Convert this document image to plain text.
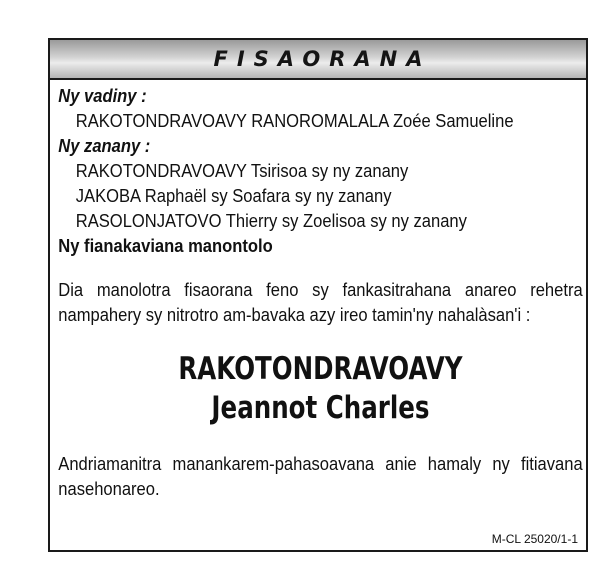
FISAORANA
Ny vadiny :
RAKOTONDRAVOAVY RANOROMALALA Zoée Samueline
Ny zanany :
RAKOTONDRAVOAVY Tsirisoa sy ny zanany
JAKOBA Raphaël sy Soafara sy ny zanany
RASOLONJATOVO Thierry sy Zoelisoa sy ny zanany
Ny fianakaviana manontolo
Dia manolotra fisaorana feno sy fankasitrahana anareo rehetra
nampahery sy nitrotro am-bavaka azy ireo tamin'ny nahalàsan'i :
RAKOTONDRAVOAVY
Jeannot Charles
Andriamanitra manankarem-pahasoavana anie hamaly ny fitiavana
nasehonareo.
M-CL 25020/1-1
